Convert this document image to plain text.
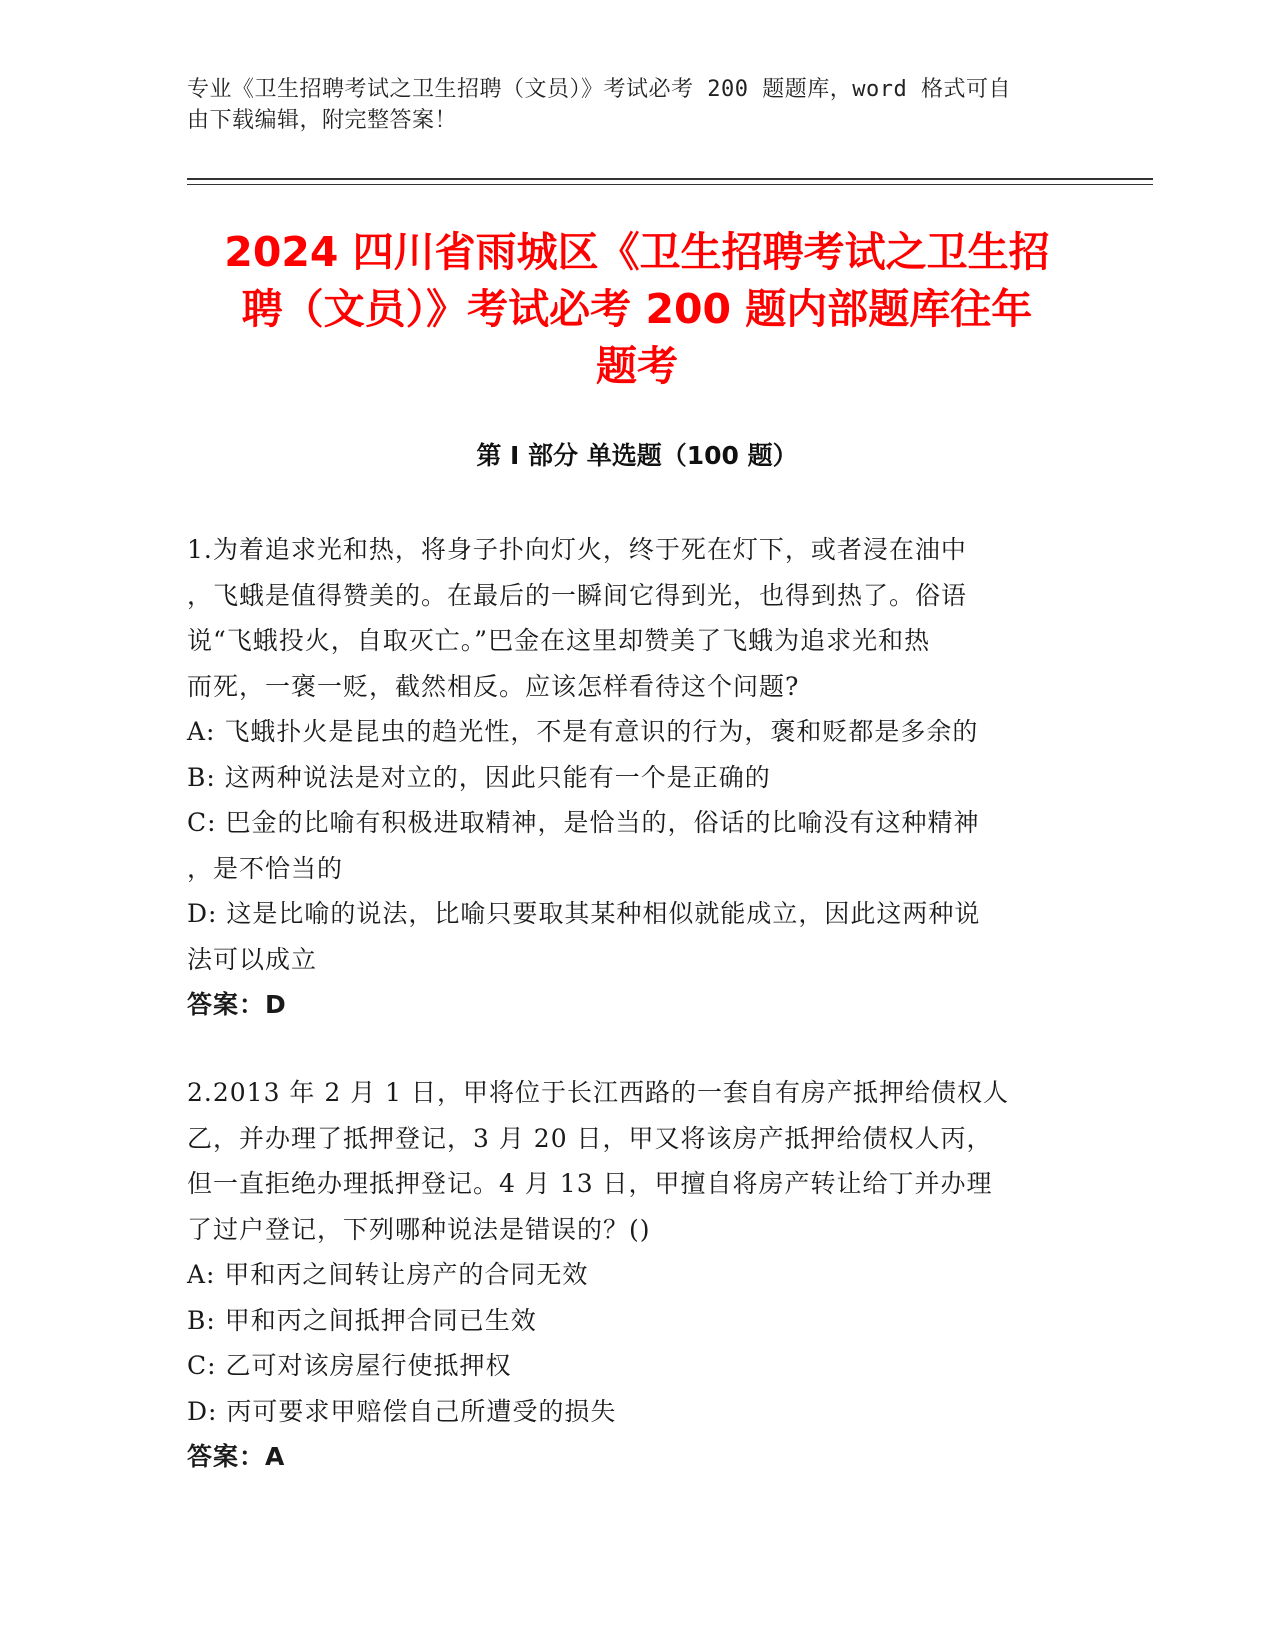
专业《卫生招聘考试之卫生招聘（文员）》考试必考 200 题题库，word 格式可自
由下载编辑，附完整答案！
2024 四川省雨城区《卫生招聘考试之卫生招
聘（文员）》考试必考 200 题内部题库往年
题考
第 I 部分 单选题（100 题）

1.为着追求光和热，将身子扑向灯火，终于死在灯下，或者浸在油中

，飞蛾是值得赞美的。在最后的一瞬间它得到光，也得到热了。俗语

说“飞蛾投火，自取灭亡。”巴金在这里却赞美了飞蛾为追求光和热

而死，一褒一贬，截然相反。应该怎样看待这个问题?

A: 飞蛾扑火是昆虫的趋光性，不是有意识的行为，褒和贬都是多余的

B: 这两种说法是对立的，因此只能有一个是正确的

C: 巴金的比喻有积极进取精神，是恰当的，俗话的比喻没有这种精神

，是不恰当的

D: 这是比喻的说法，比喻只要取其某种相似就能成立，因此这两种说

法可以成立

答案：D

2.2013 年 2 月 1 日，甲将位于长江西路的一套自有房产抵押给债权人

乙，并办理了抵押登记，3 月 20 日，甲又将该房产抵押给债权人丙，

但一直拒绝办理抵押登记。4 月 13 日，甲擅自将房产转让给丁并办理

了过户登记，下列哪种说法是错误的？()

A: 甲和丙之间转让房产的合同无效

B: 甲和丙之间抵押合同已生效

C: 乙可对该房屋行使抵押权

D: 丙可要求甲赔偿自己所遭受的损失

答案：A
